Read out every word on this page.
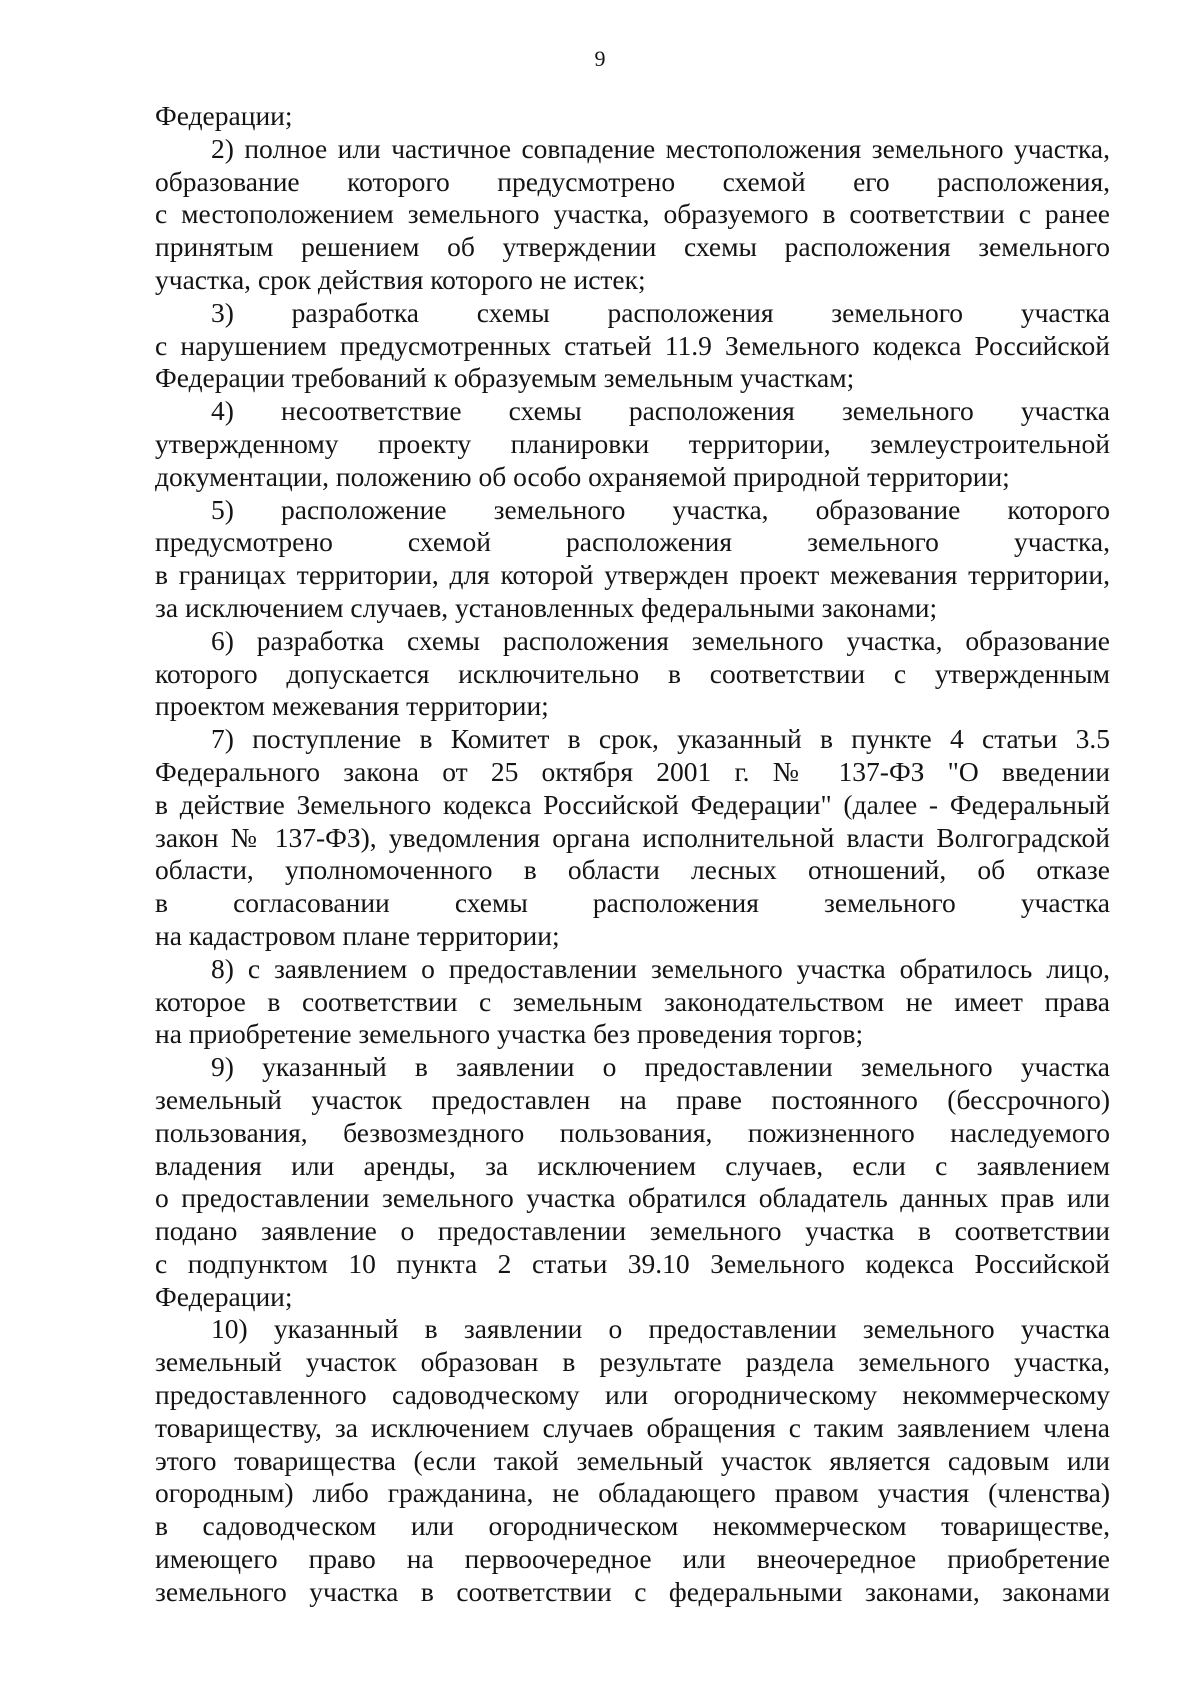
9
Федерации;
2) полное или частичное совпадение местоположения земельного участка,
образование которого предусмотрено схемой его расположения,
с местоположением земельного участка, образуемого в соответствии с ранее
принятым решением об утверждении схемы расположения земельного
участка, срок действия которого не истек;
3) разработка схемы расположения земельного участка
с нарушением предусмотренных статьей 11.9 Земельного кодекса Российской
Федерации требований к образуемым земельным участкам;
4) несоответствие схемы расположения земельного участка
утвержденному проекту планировки территории, землеустроительной
документации, положению об особо охраняемой природной территории;
5) расположение земельного участка, образование которого
предусмотрено схемой расположения земельного участка,
в границах территории, для которой утвержден проект межевания территории,
за исключением случаев, установленных федеральными законами;
6) разработка схемы расположения земельного участка, образование
которого допускается исключительно в соответствии с утвержденным
проектом межевания территории;
7) поступление в Комитет в срок, указанный в пункте 4 статьи 3.5
Федерального закона от 25 октября 2001 г. № 137-ФЗ "О введении
в действие Земельного кодекса Российской Федерации" (далее - Федеральный
закон № 137-ФЗ), уведомления органа исполнительной власти Волгоградской
области, уполномоченного в области лесных отношений, об отказе
в согласовании схемы расположения земельного участка
на кадастровом плане территории;
8) с заявлением о предоставлении земельного участка обратилось лицо,
которое в соответствии с земельным законодательством не имеет права
на приобретение земельного участка без проведения торгов;
9) указанный в заявлении о предоставлении земельного участка
земельный участок предоставлен на праве постоянного (бессрочного)
пользования, безвозмездного пользования, пожизненного наследуемого
владения или аренды, за исключением случаев, если с заявлением
о предоставлении земельного участка обратился обладатель данных прав или
подано заявление о предоставлении земельного участка в соответствии
с подпунктом 10 пункта 2 статьи 39.10 Земельного кодекса Российской
Федерации;
10) указанный в заявлении о предоставлении земельного участка
земельный участок образован в результате раздела земельного участка,
предоставленного садоводческому или огородническому некоммерческому
товариществу, за исключением случаев обращения с таким заявлением члена
этого товарищества (если такой земельный участок является садовым или
огородным) либо гражданина, не обладающего правом участия (членства)
в садоводческом или огородническом некоммерческом товариществе,
имеющего право на первоочередное или внеочередное приобретение
земельного участка в соответствии с федеральными законами, законами
